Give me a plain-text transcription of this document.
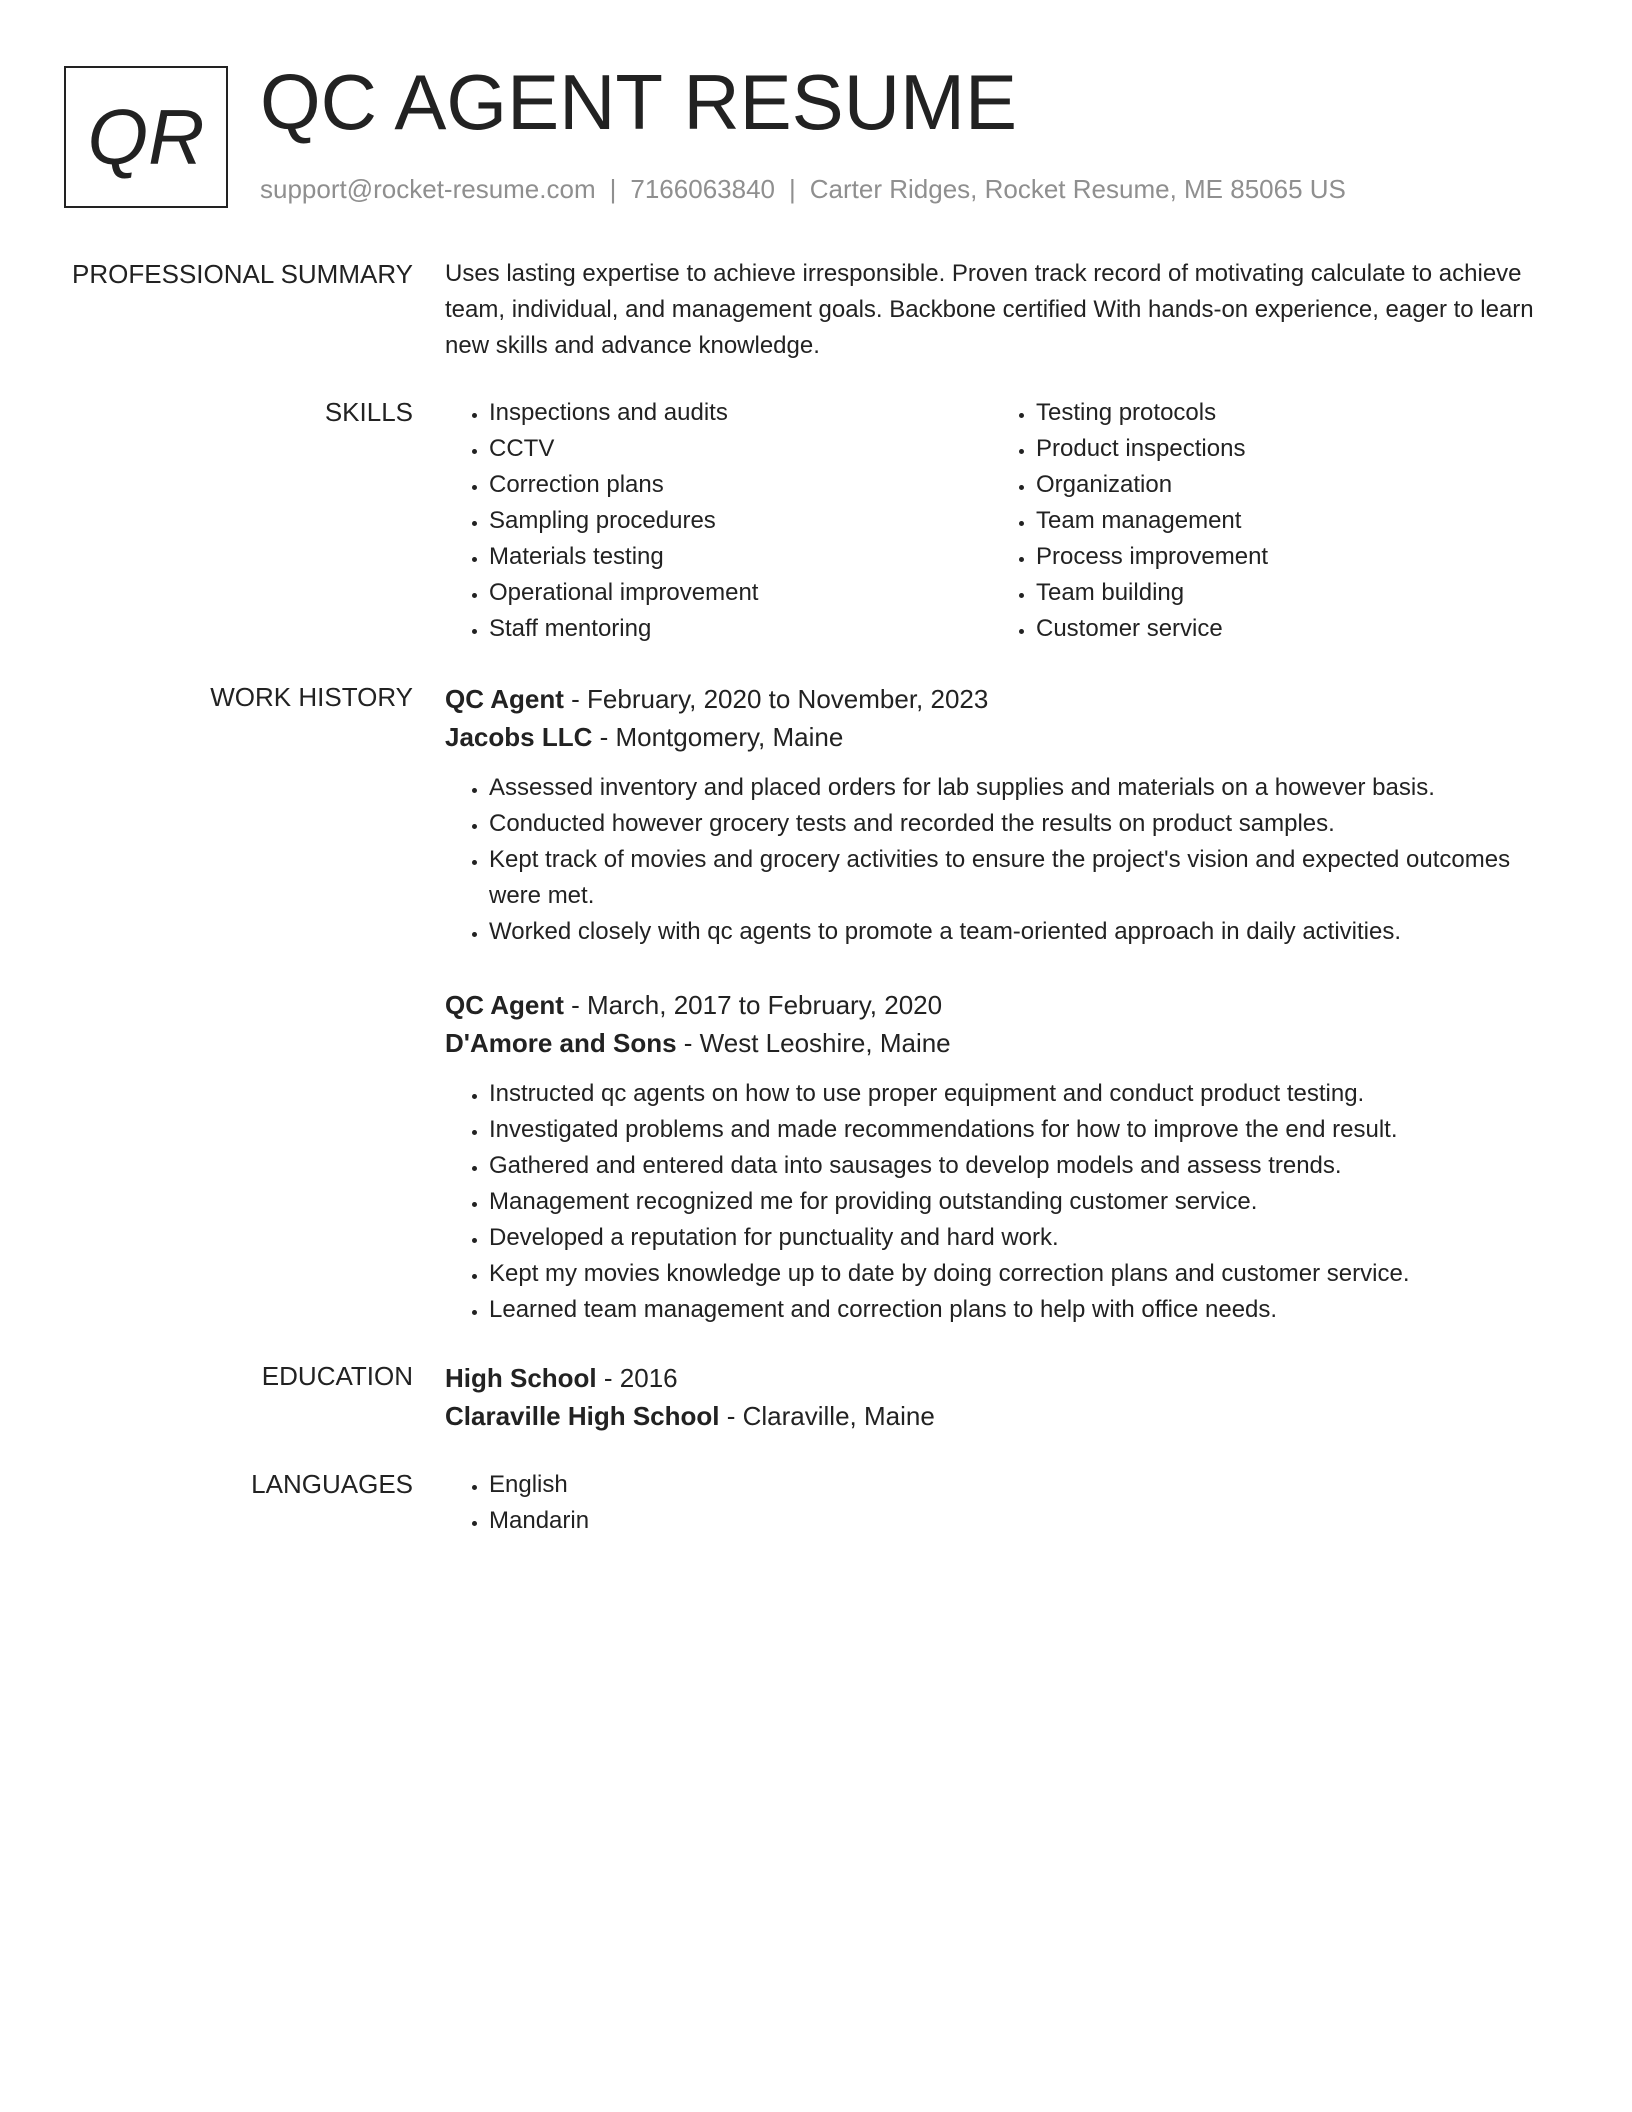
QR QC AGENT RESUME
support@rocket-resume.com | 7166063840 | Carter Ridges, Rocket Resume, ME 85065 US
PROFESSIONAL SUMMARY Uses lasting expertise to achieve irresponsible. Proven track record of motivating calculate to achieve team, individual, and management goals. Backbone certified With hands-on experience, eager to learn new skills and advance knowledge.

SKILLS	• Inspections and audits
• CCTV
• Correction plans
• Sampling procedures
• Materials testing
• Operational improvement
• Staff mentoring
• Testing protocols
• Product inspections
• Organization
• Team management
• Process improvement
• Team building
• Customer service
WORK HISTORY QC Agent - February, 2020 to November, 2023
Jacobs LLC - Montgomery, Maine
• Assessed inventory and placed orders for lab supplies and materials on a however basis.
• Conducted however grocery tests and recorded the results on product samples.
• Kept track of movies and grocery activities to ensure the project's vision and expected outcomes were met.
• Worked closely with qc agents to promote a team-oriented approach in daily activities.
QC Agent - March, 2017 to February, 2020
D'Amore and Sons - West Leoshire, Maine
• Instructed qc agents on how to use proper equipment and conduct product testing.
• Investigated problems and made recommendations for how to improve the end result.
• Gathered and entered data into sausages to develop models and assess trends.
• Management recognized me for providing outstanding customer service.
• Developed a reputation for punctuality and hard work.
• Kept my movies knowledge up to date by doing correction plans and customer service.
• Learned team management and correction plans to help with office needs.
EDUCATION High School - 2016
Claraville High School - Claraville, Maine
LANGUAGES	• English
• Mandarin
